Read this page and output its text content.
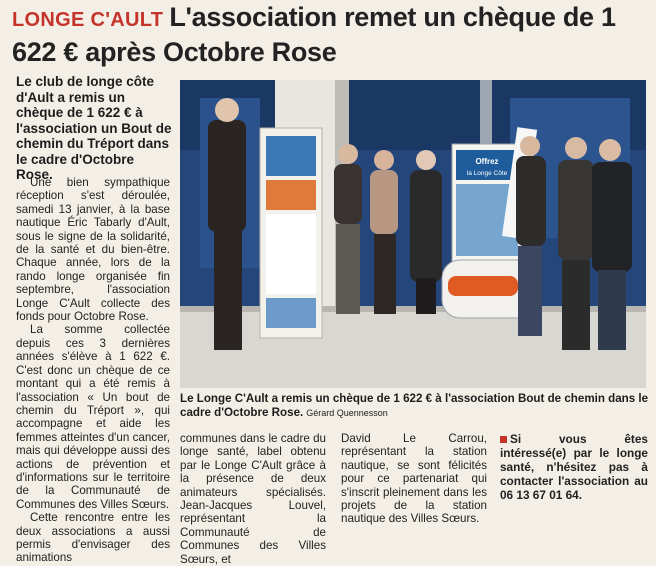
LONGE C'AULT L'association remet un chèque de 1 622 € après Octobre Rose
Le club de longe côte d'Ault a remis un chèque de 1 622 € à l'association un Bout de chemin du Tréport dans le cadre d'Octobre Rose.

Une bien sympathique réception s'est déroulée, samedi 13 janvier, à la base nautique Éric Tabarly d'Ault, sous le signe de la solidarité, de la santé et du bien-être. Chaque année, lors de la rando longe organisée fin septembre, l'association Longe C'Ault collecte des fonds pour Octobre Rose.

La somme collectée depuis ces 3 dernières années s'élève à 1 622 €. C'est donc un chèque de ce montant qui a été remis à l'association « Un bout de chemin du Tréport », qui accompagne et aide les femmes atteintes d'un cancer, mais qui développe aussi des actions de prévention et d'informations sur le territoire de la Communauté de Communes des Villes Sœurs.

Cette rencontre entre les deux associations a aussi permis d'envisager des animations

Offrez
la Longe Côte
Le Longe C'Ault a remis un chèque de 1 622 € à l'association Bout de chemin dans le cadre d'Octobre Rose. Gérard Quennesson

communes dans le cadre du longe santé, label obtenu par le Longe C'Ault grâce à la présence de deux animateurs spécialisés. Jean-Jacques Louvel, représentant la Communauté de Communes des Villes Sœurs, et

David Le Carrou, représentant la station nautique, se sont félicités pour ce partenariat qui s'inscrit pleinement dans les projets de la station nautique des Villes Sœurs.

Si vous êtes intéressé(e) par le longe santé, n'hésitez pas à contacter l'association au 06 13 67 01 64.
